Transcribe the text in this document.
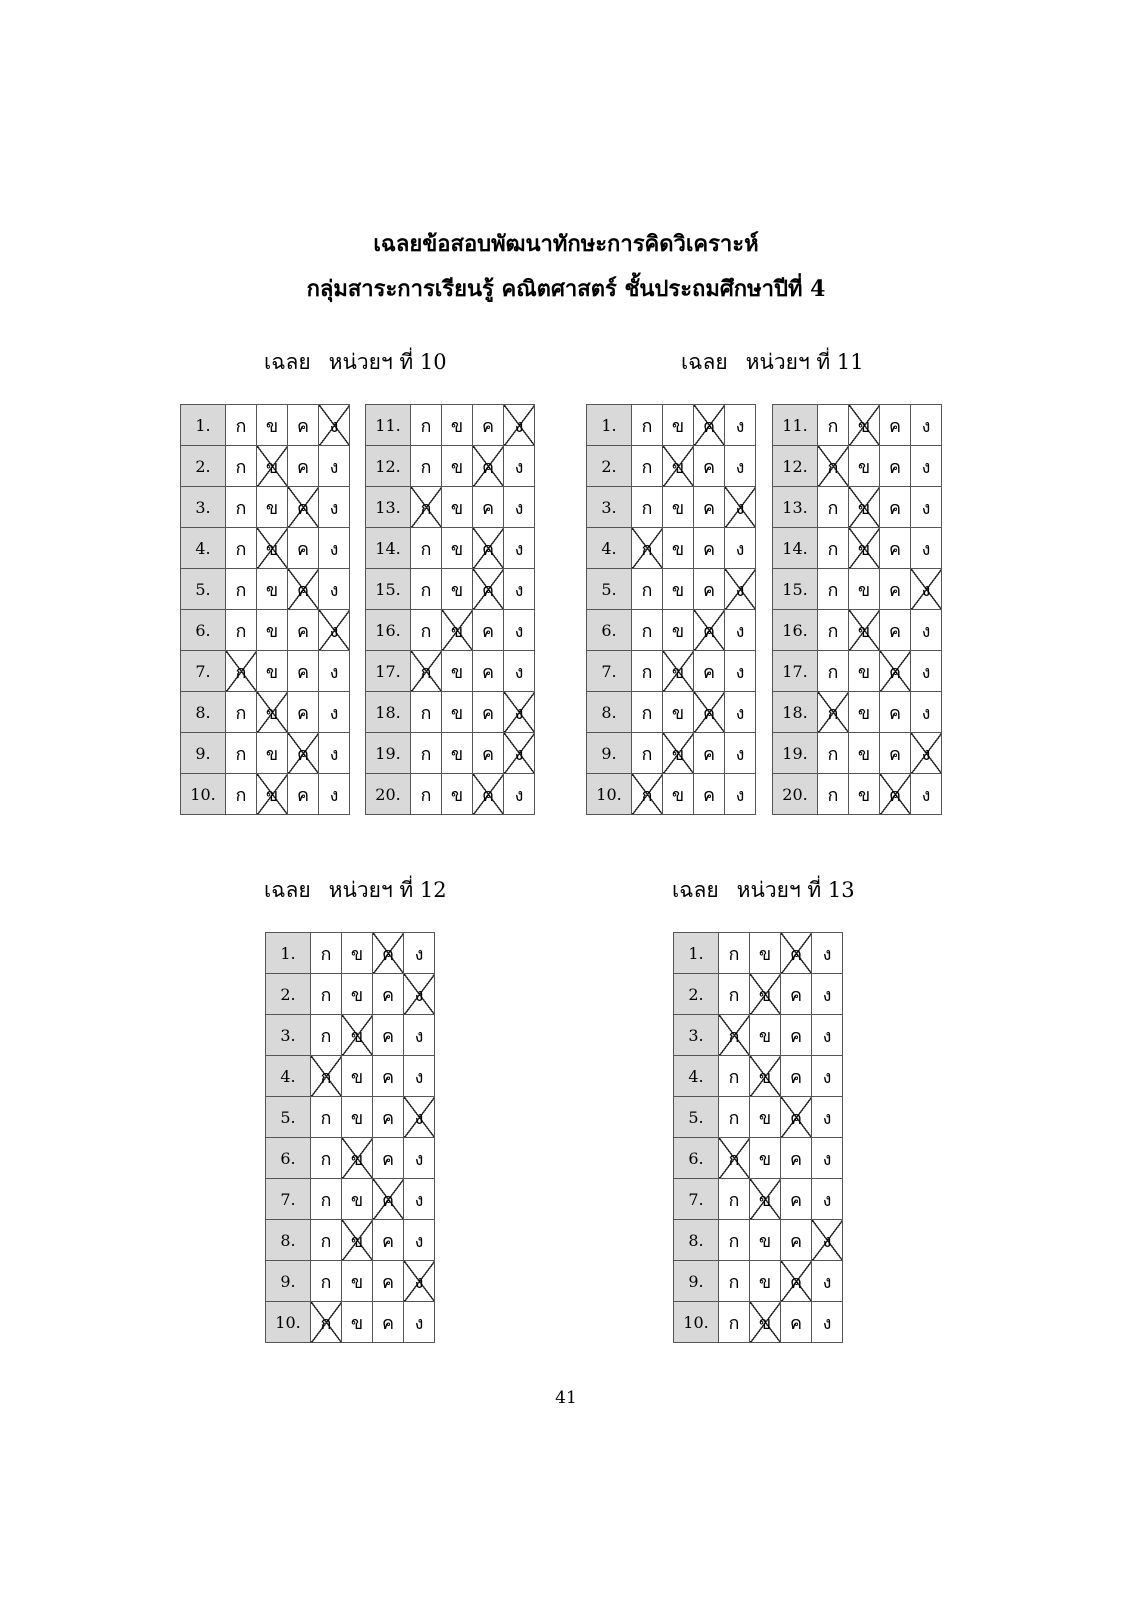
เฉลยข้อสอบพัฒนาทักษะการคิดวิเคราะห์
กลุ่มสาระการเรียนรู้ คณิตศาสตร์ ชั้นประถมศึกษาปีที่ 4
เฉลย หน่วยฯ ที่ 10
1.	ก	ข	ค	ง
2.	ก	ข	ค	ง
3.	ก	ข	ค	ง
4.	ก	ข	ค	ง
5.	ก	ข	ค	ง
6.	ก	ข	ค	ง
7.	ก	ข	ค	ง
8.	ก	ข	ค	ง
9.	ก	ข	ค	ง
10.	ก	ข	ค	ง
11.	ก	ข	ค	ง
12.	ก	ข	ค	ง
13.	ก	ข	ค	ง
14.	ก	ข	ค	ง
15.	ก	ข	ค	ง
16.	ก	ข	ค	ง
17.	ก	ข	ค	ง
18.	ก	ข	ค	ง
19.	ก	ข	ค	ง
20.	ก	ข	ค	ง
เฉลย หน่วยฯ ที่ 11
1.	ก	ข	ค	ง
2.	ก	ข	ค	ง
3.	ก	ข	ค	ง
4.	ก	ข	ค	ง
5.	ก	ข	ค	ง
6.	ก	ข	ค	ง
7.	ก	ข	ค	ง
8.	ก	ข	ค	ง
9.	ก	ข	ค	ง
10.	ก	ข	ค	ง
11.	ก	ข	ค	ง
12.	ก	ข	ค	ง
13.	ก	ข	ค	ง
14.	ก	ข	ค	ง
15.	ก	ข	ค	ง
16.	ก	ข	ค	ง
17.	ก	ข	ค	ง
18.	ก	ข	ค	ง
19.	ก	ข	ค	ง
20.	ก	ข	ค	ง
เฉลย หน่วยฯ ที่ 12
1.	ก	ข	ค	ง
2.	ก	ข	ค	ง
3.	ก	ข	ค	ง
4.	ก	ข	ค	ง
5.	ก	ข	ค	ง
6.	ก	ข	ค	ง
7.	ก	ข	ค	ง
8.	ก	ข	ค	ง
9.	ก	ข	ค	ง
10.	ก	ข	ค	ง
เฉลย หน่วยฯ ที่ 13
1.	ก	ข	ค	ง
2.	ก	ข	ค	ง
3.	ก	ข	ค	ง
4.	ก	ข	ค	ง
5.	ก	ข	ค	ง
6.	ก	ข	ค	ง
7.	ก	ข	ค	ง
8.	ก	ข	ค	ง
9.	ก	ข	ค	ง
10.	ก	ข	ค	ง
41
